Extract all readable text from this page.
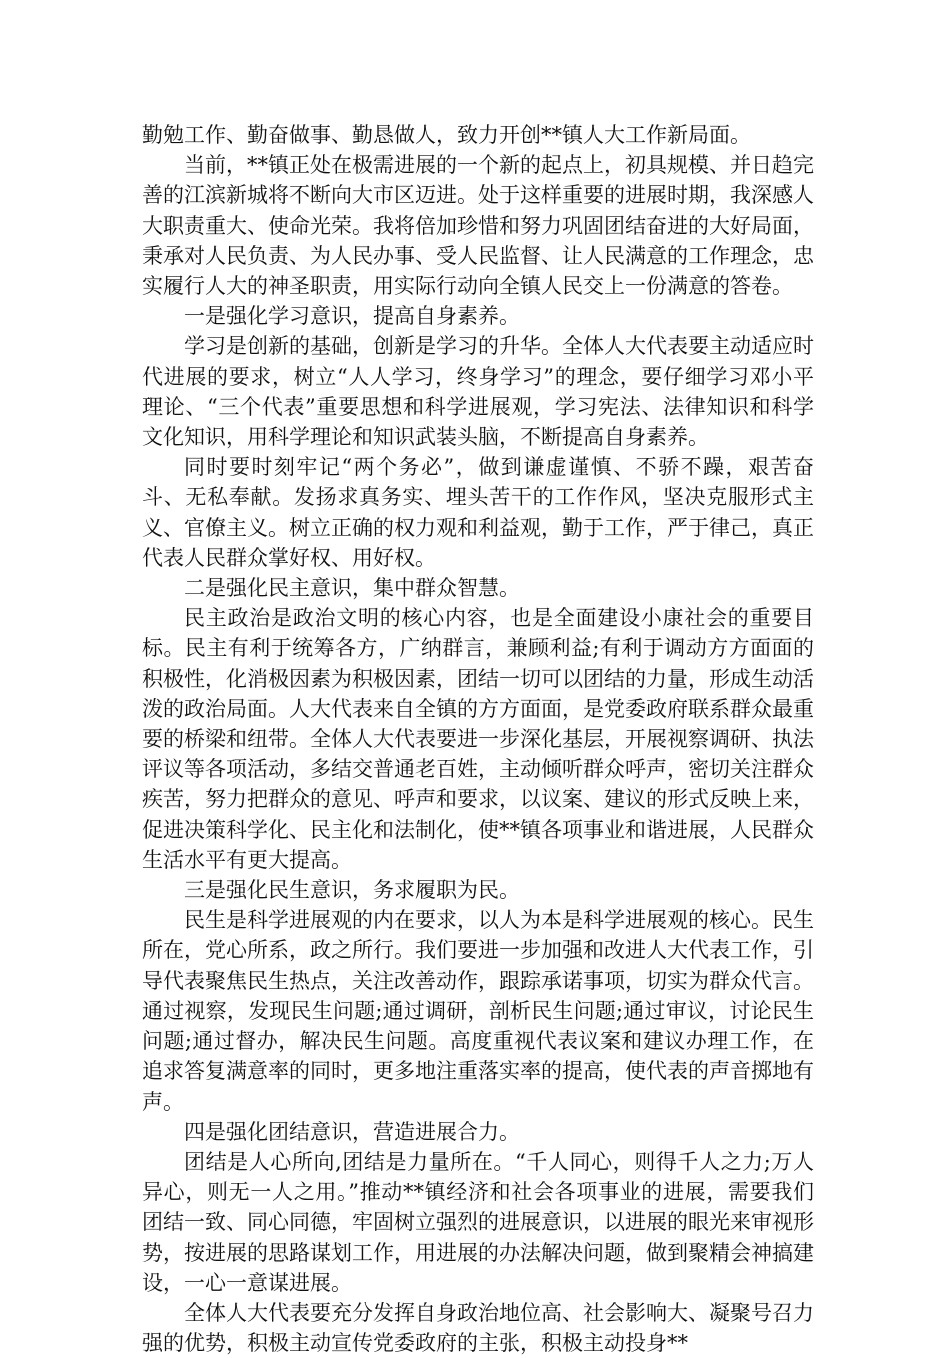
勤勉工作、勤奋做事、勤恳做人，致力开创**镇人大工作新局面。

当前，**镇正处在极需进展的一个新的起点上，初具规模、并日趋完善的江滨新城将不断向大市区迈进。处于这样重要的进展时期，我深感人大职责重大、使命光荣。我将倍加珍惜和努力巩固团结奋进的大好局面，秉承对人民负责、为人民办事、受人民监督、让人民满意的工作理念，忠实履行人大的神圣职责，用实际行动向全镇人民交上一份满意的答卷。

一是强化学习意识，提高自身素养。

学习是创新的基础，创新是学习的升华。全体人大代表要主动适应时代进展的要求，树立“人人学习，终身学习”的理念，要仔细学习邓小平理论、“三个代表”重要思想和科学进展观，学习宪法、法律知识和科学文化知识，用科学理论和知识武装头脑，不断提高自身素养。

同时要时刻牢记“两个务必”，做到谦虚谨慎、不骄不躁，艰苦奋斗、无私奉献。发扬求真务实、埋头苦干的工作作风，坚决克服形式主义、官僚主义。树立正确的权力观和利益观，勤于工作，严于律己，真正代表人民群众掌好权、用好权。

二是强化民主意识，集中群众智慧。

民主政治是政治文明的核心内容，也是全面建设小康社会的重要目标。民主有利于统筹各方，广纳群言，兼顾利益;有利于调动方方面面的积极性，化消极因素为积极因素，团结一切可以团结的力量，形成生动活泼的政治局面。人大代表来自全镇的方方面面，是党委政府联系群众最重要的桥梁和纽带。全体人大代表要进一步深化基层，开展视察调研、执法评议等各项活动，多结交普通老百姓，主动倾听群众呼声，密切关注群众疾苦，努力把群众的意见、呼声和要求，以议案、建议的形式反映上来，促进决策科学化、民主化和法制化，使**镇各项事业和谐进展，人民群众生活水平有更大提高。

三是强化民生意识，务求履职为民。

民生是科学进展观的内在要求，以人为本是科学进展观的核心。民生所在，党心所系，政之所行。我们要进一步加强和改进人大代表工作，引导代表聚焦民生热点，关注改善动作，跟踪承诺事项，切实为群众代言。通过视察，发现民生问题;通过调研，剖析民生问题;通过审议，讨论民生问题;通过督办，解决民生问题。高度重视代表议案和建议办理工作，在追求答复满意率的同时，更多地注重落实率的提高，使代表的声音掷地有声。

四是强化团结意识，营造进展合力。

团结是人心所向,团结是力量所在。“千人同心，则得千人之力;万人异心，则无一人之用。”推动**镇经济和社会各项事业的进展，需要我们团结一致、同心同德，牢固树立强烈的进展意识，以进展的眼光来审视形势，按进展的思路谋划工作，用进展的办法解决问题，做到聚精会神搞建设，一心一意谋进展。

全体人大代表要充分发挥自身政治地位高、社会影响大、凝聚号召力强的优势，积极主动宣传党委政府的主张，积极主动投身**
